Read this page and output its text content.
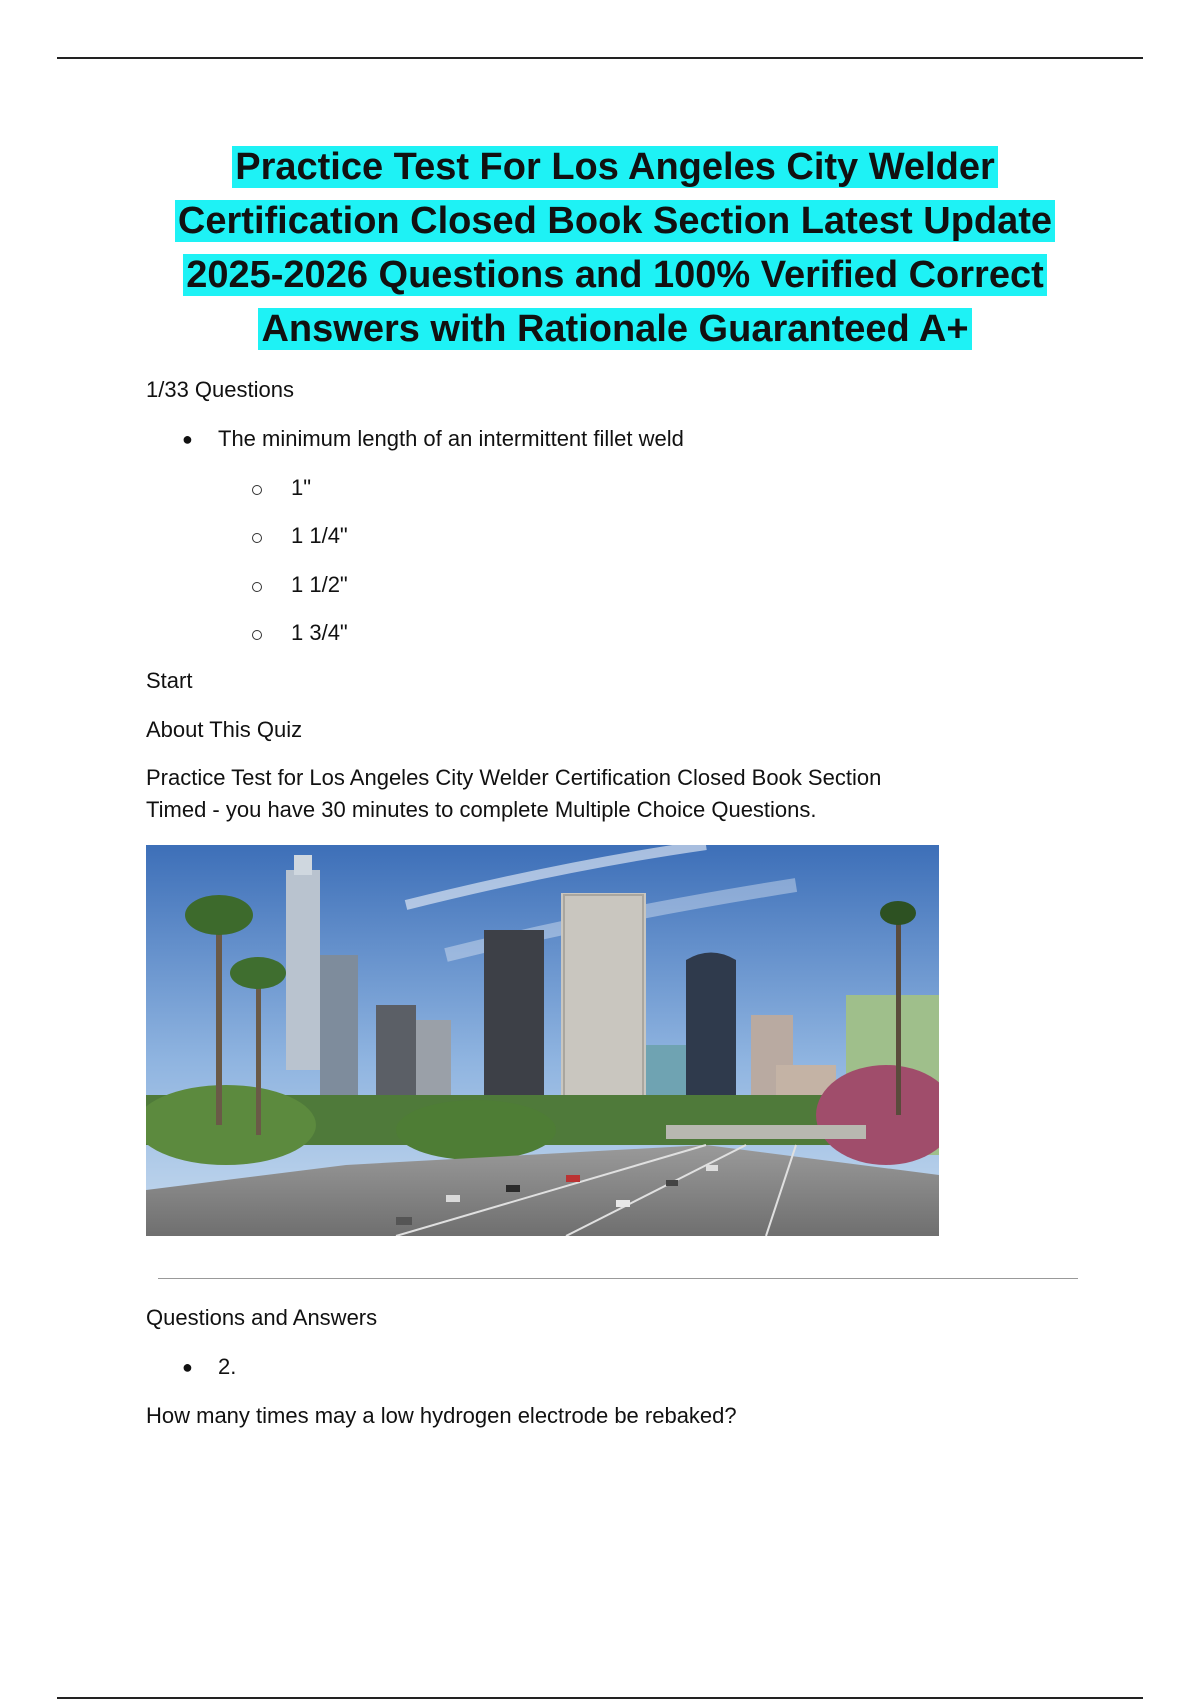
Practice Test For Los Angeles City Welder
Certification Closed Book Section Latest Update
2025-2026 Questions and 100% Verified Correct
Answers with Rationale Guaranteed A+

1/33 Questions

● The minimum length of an intermittent fillet weld
1"
1 1/4"
1 1/2"
1 3/4"

Start

About This Quiz

Practice Test for Los Angeles City Welder Certification Closed Book Section
Timed - you have 30 minutes to complete Multiple Choice Questions.

Questions and Answers

● 2.

How many times may a low hydrogen electrode be rebaked?
